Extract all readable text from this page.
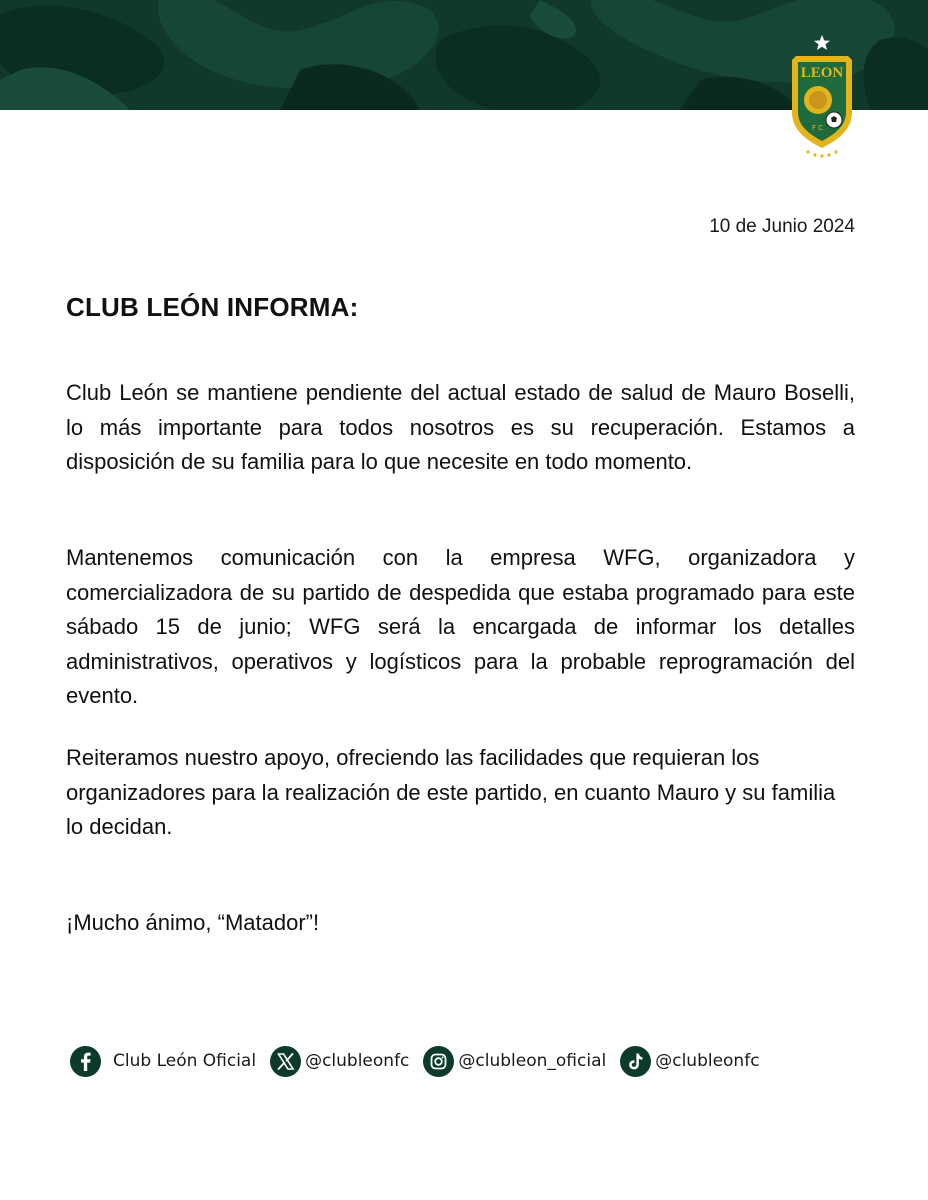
LEON
F C
10 de Junio 2024
CLUB LEÓN INFORMA:

Club León se mantiene pendiente del actual estado de salud de Mauro Boselli, lo más importante para todos nosotros es su recuperación. Estamos a disposición de su familia para lo que necesite en todo momento.

Mantenemos comunicación con la empresa WFG, organizadora y comercializadora de su partido de despedida que estaba programado para este sábado 15 de junio; WFG será la encargada de informar los detalles administrativos, operativos y logísticos para la probable reprogramación del evento.

Reiteramos nuestro apoyo, ofreciendo las facilidades que requieran los organizadores para la realización de este partido, en cuanto Mauro y su familia lo decidan.

¡Mucho ánimo, “Matador”!

Club León Oficial	@clubleonfc	@clubleon_oficial	@clubleonfc
